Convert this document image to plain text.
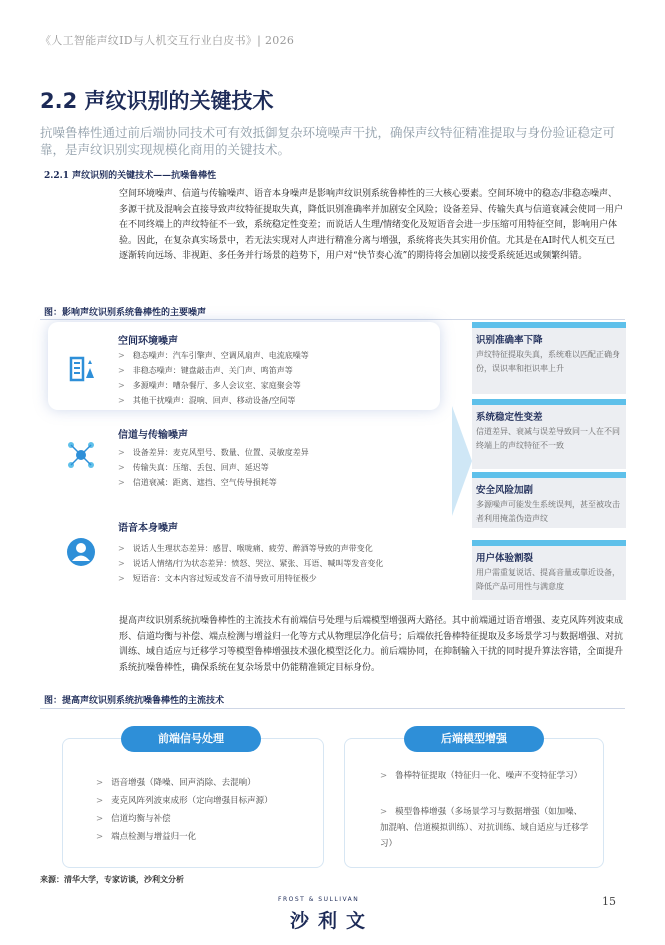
《人工智能声纹ID与人机交互行业白皮书》| 2026
2.2 声纹识别的关键技术
抗噪鲁棒性通过前后端协同技术可有效抵御复杂环境噪声干扰，确保声纹特征精准提取与身份验证稳定可靠，是声纹识别实现规模化商用的关键技术。
2.2.1 声纹识别的关键技术——抗噪鲁棒性
空间环境噪声、信道与传输噪声、语音本身噪声是影响声纹识别系统鲁棒性的三大核心要素。空间环境中的稳态/非稳态噪声、多源干扰及混响会直接导致声纹特征提取失真，降低识别准确率并加剧安全风险；设备差异、传输失真与信道衰减会使同一用户在不同终端上的声纹特征不一致，系统稳定性变差；而说话人生理/情绪变化及短语音会进一步压缩可用特征空间，影响用户体验。因此，在复杂真实场景中，若无法实现对人声进行精准分离与增强，系统将丧失其实用价值。尤其是在AI时代人机交互已逐渐转向远场、非视距、多任务并行场景的趋势下，用户对“快节奏心流”的期待将会加剧以接受系统延迟或频繁纠错。
图：影响声纹识别系统鲁棒性的主要噪声
空间环境噪声
> 稳态噪声：汽车引擎声、空调风扇声、电流底噪等
> 非稳态噪声：键盘敲击声、关门声、鸣笛声等
> 多源噪声：嘈杂餐厅、多人会议室、家庭聚会等
> 其他干扰噪声：混响、回声、移动设备/空间等
信道与传输噪声
> 设备差异：麦克风型号、数量、位置、灵敏度差异
> 传输失真：压缩、丢包、回声、延迟等
> 信道衰减：距离、遮挡、空气传导损耗等
语音本身噪声
> 说话人生理状态差异：感冒、喉咙痛、疲劳、醉酒等导致的声带变化
> 说话人情绪/行为状态差异：愤怒、哭泣、紧张、耳语、喊叫等发音变化
> 短语音：文本内容过短或发音不清导致可用特征极少
识别准确率下降
声纹特征提取失真，系统难以匹配正确身份，误识率和拒识率上升
系统稳定性变差
信道差异、衰减与误差导致同一人在不同终端上的声纹特征不一致
安全风险加剧
多源噪声可能发生系统误判，甚至被攻击者利用掩盖伪造声纹
用户体验割裂
用户需重复说话、提高音量或靠近设备，降低产品可用性与满意度
提高声纹识别系统抗噪鲁棒性的主流技术有前端信号处理与后端模型增强两大路径。其中前端通过语音增强、麦克风阵列波束成形、信道均衡与补偿、端点检测与增益归一化等方式从物理层净化信号；后端依托鲁棒特征提取及多场景学习与数据增强、对抗训练、域自适应与迁移学习等模型鲁棒增强技术强化模型泛化力。前后端协同，在抑制输入干扰的同时提升算法容错，全面提升系统抗噪鲁棒性，确保系统在复杂场景中仍能精准锁定目标身份。
图：提高声纹识别系统抗噪鲁棒性的主流技术
前端信号处理
> 语音增强（降噪、回声消除、去混响）
> 麦克风阵列波束成形（定向增强目标声源）
> 信道均衡与补偿
> 端点检测与增益归一化
后端模型增强
> 鲁棒特征提取（特征归一化、噪声不变特征学习）
> 模型鲁棒增强（多场景学习与数据增强（如加噪、加混响、信道模拟训练）、对抗训练、域自适应与迁移学习）
来源：清华大学，专家访谈，沙利文分析
FROST & SULLIVAN
沙利文
15
